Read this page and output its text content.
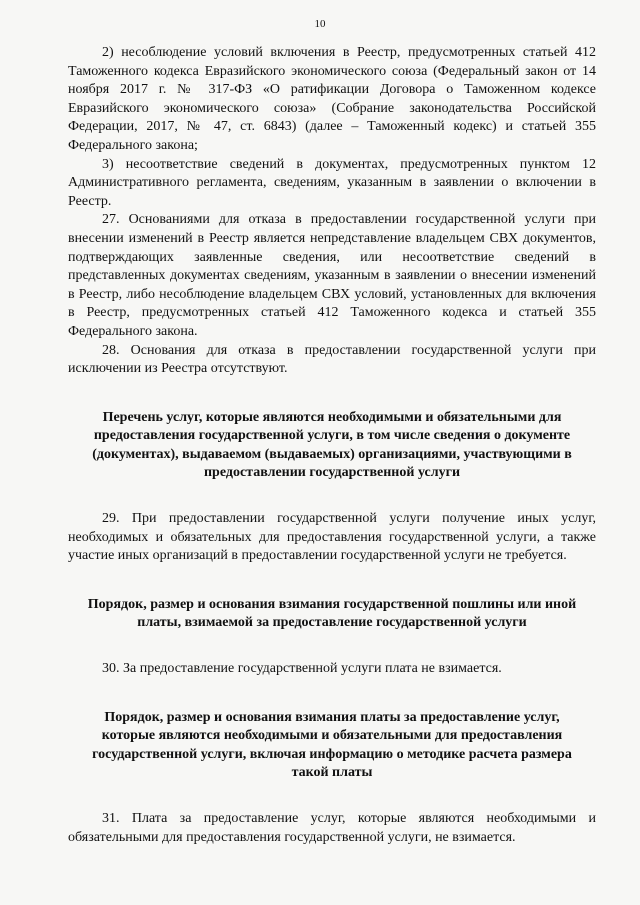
10

2) несоблюдение условий включения в Реестр, предусмотренных статьей 412 Таможенного кодекса Евразийского экономического союза (Федеральный закон от 14 ноября 2017 г. № 317-ФЗ «О ратификации Договора о Таможенном кодексе Евразийского экономического союза» (Собрание законодательства Российской Федерации, 2017, № 47, ст. 6843) (далее – Таможенный кодекс) и статьей 355 Федерального закона;

3) несоответствие сведений в документах, предусмотренных пунктом 12 Административного регламента, сведениям, указанным в заявлении о включении в Реестр.

27. Основаниями для отказа в предоставлении государственной услуги при внесении изменений в Реестр является непредставление владельцем СВХ документов, подтверждающих заявленные сведения, или несоответствие сведений в представленных документах сведениям, указанным в заявлении о внесении изменений в Реестр, либо несоблюдение владельцем СВХ условий, установленных для включения в Реестр, предусмотренных статьей 412 Таможенного кодекса и статьей 355 Федерального закона.

28. Основания для отказа в предоставлении государственной услуги при исключении из Реестра отсутствуют.

Перечень услуг, которые являются необходимыми и обязательными для предоставления государственной услуги, в том числе сведения о документе (документах), выдаваемом (выдаваемых) организациями, участвующими в предоставлении государственной услуги

29. При предоставлении государственной услуги получение иных услуг, необходимых и обязательных для предоставления государственной услуги, а также участие иных организаций в предоставлении государственной услуги не требуется.

Порядок, размер и основания взимания государственной пошлины или иной платы, взимаемой за предоставление государственной услуги

30. За предоставление государственной услуги плата не взимается.

Порядок, размер и основания взимания платы за предоставление услуг, которые являются необходимыми и обязательными для предоставления государственной услуги, включая информацию о методике расчета размера такой платы

31. Плата за предоставление услуг, которые являются необходимыми и обязательными для предоставления государственной услуги, не взимается.
